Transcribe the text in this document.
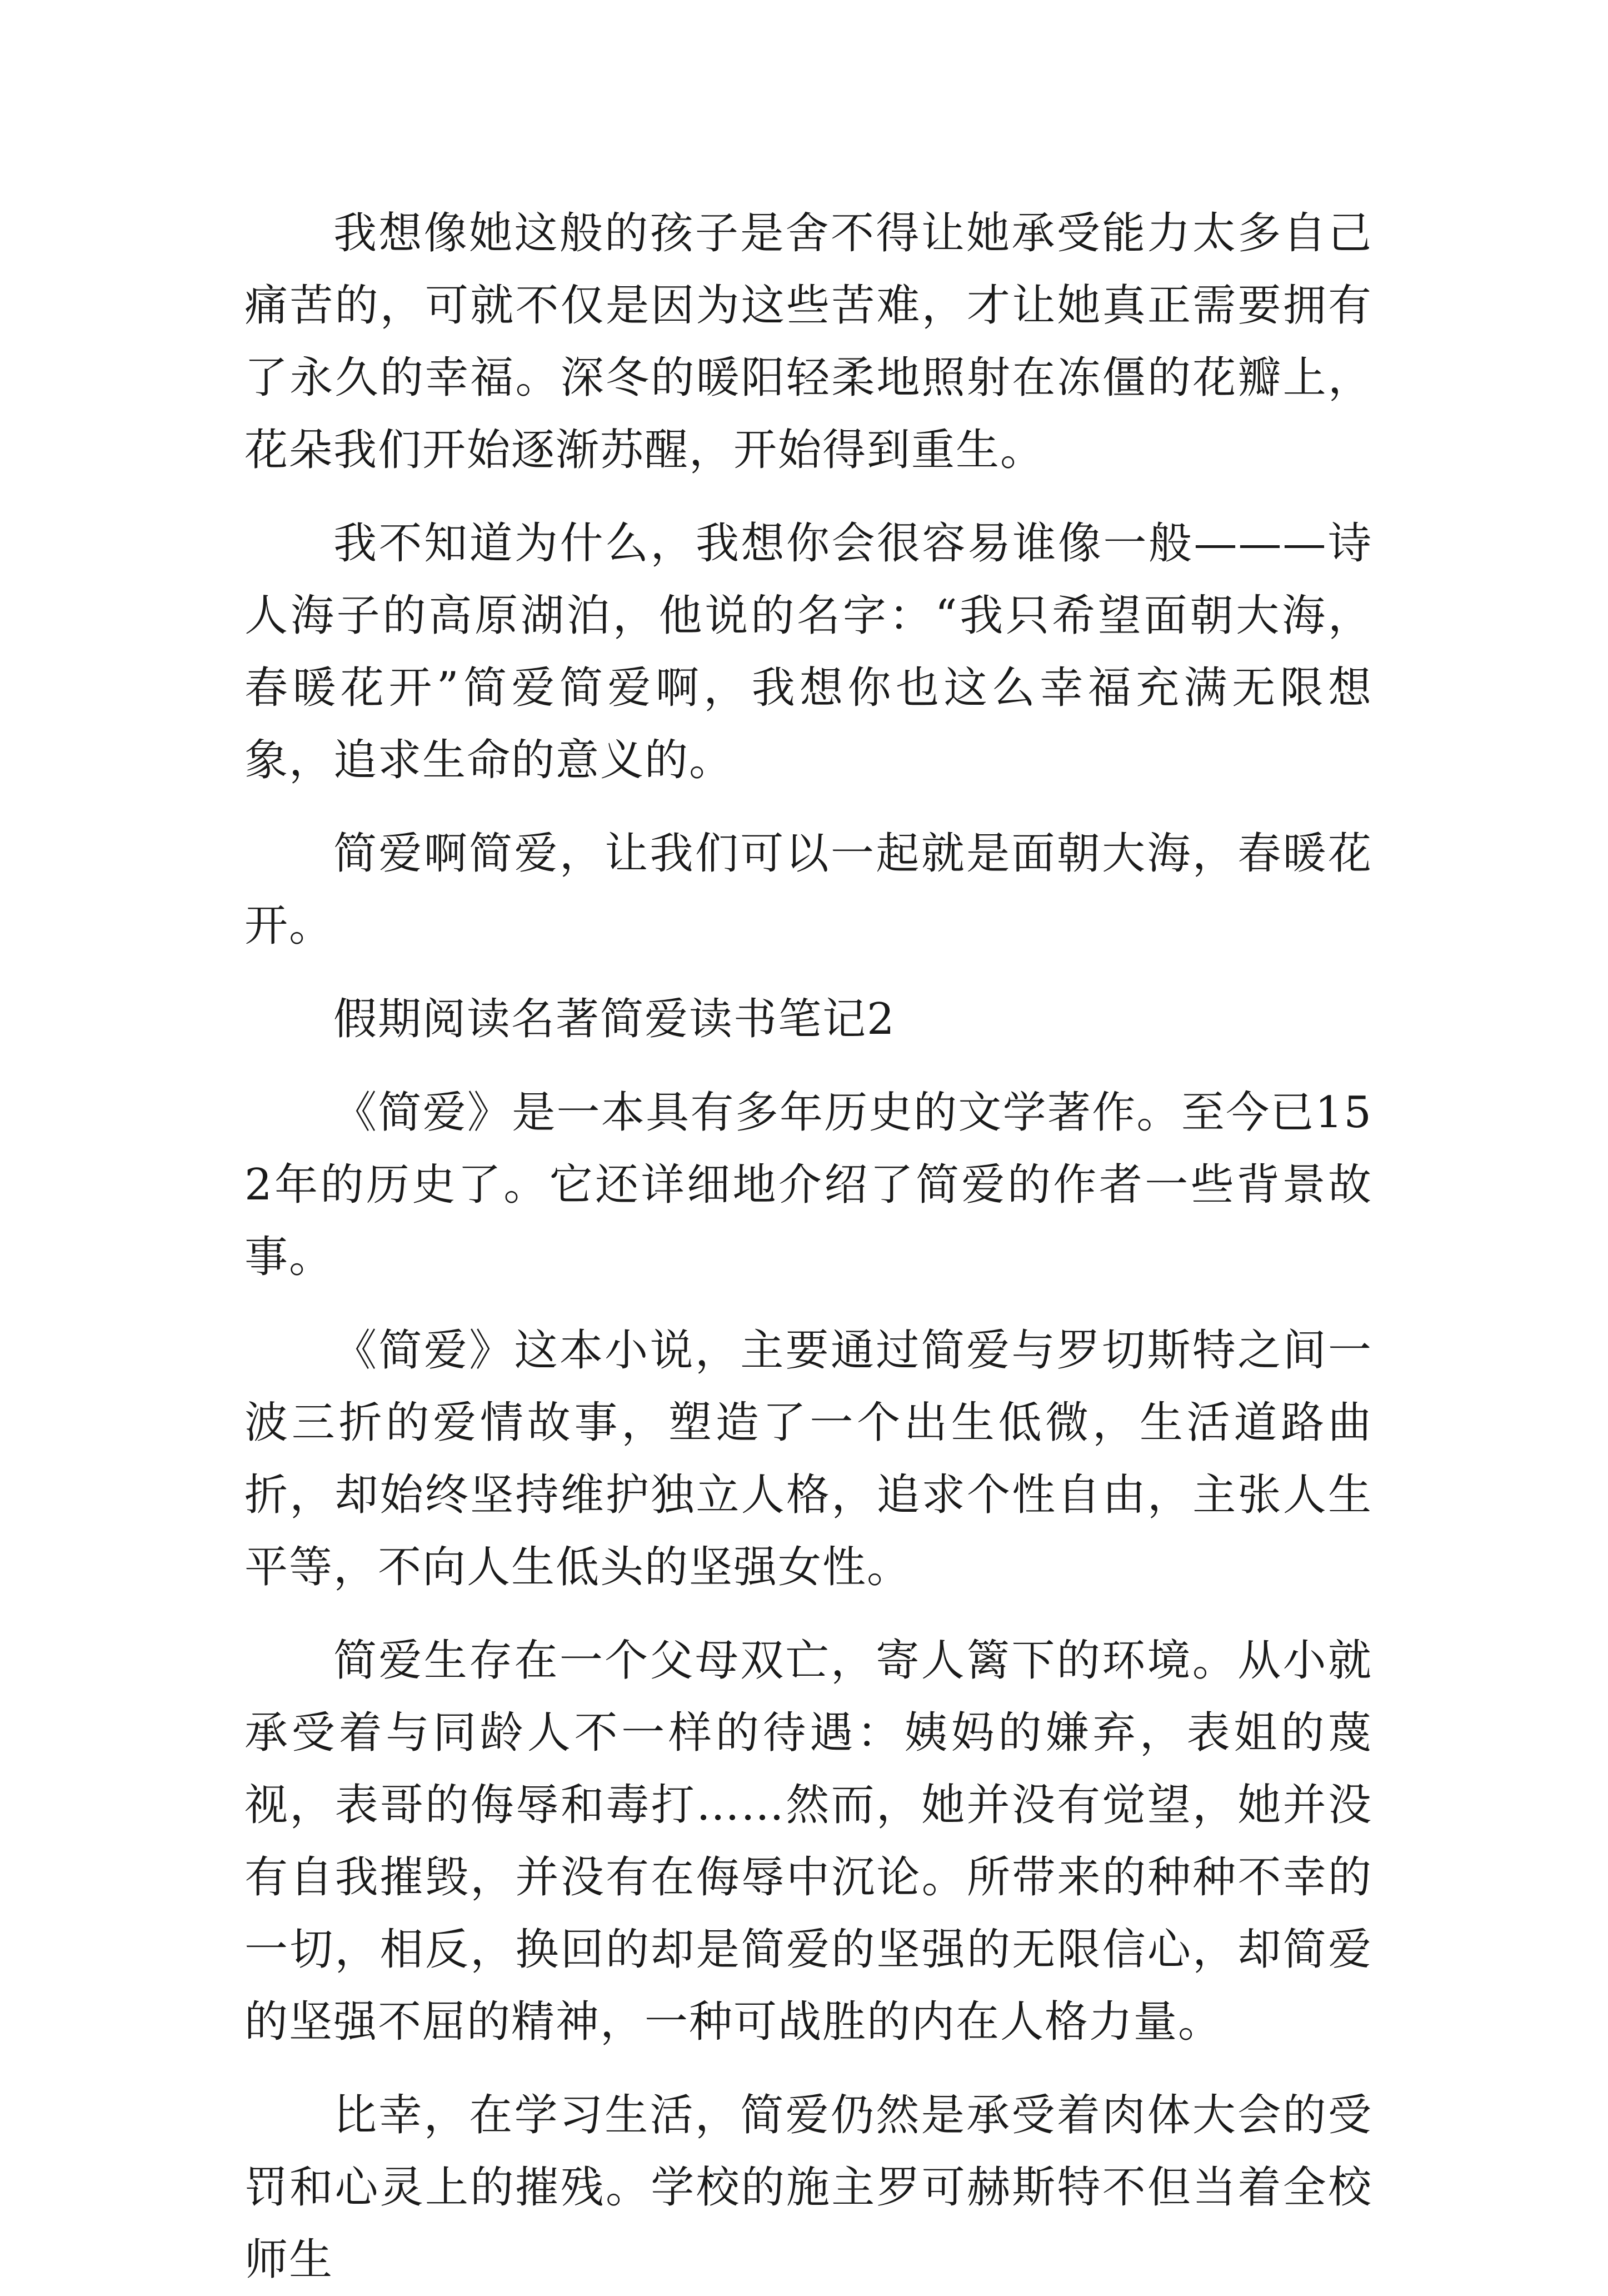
我想像她这般的孩子是舍不得让她承受能力太多自己痛苦的，可就不仅是因为这些苦难，才让她真正需要拥有了永久的幸福。深冬的暖阳轻柔地照射在冻僵的花瓣上，花朵我们开始逐渐苏醒，开始得到重生。

我不知道为什么，我想你会很容易谁像一般———诗人海子的高原湖泊，他说的名字：“我只希望面朝大海，春暖花开”简爱简爱啊，我想你也这么幸福充满无限想象，追求生命的意义的。

简爱啊简爱，让我们可以一起就是面朝大海，春暖花开。

假期阅读名著简爱读书笔记2

《简爱》是一本具有多年历史的文学著作。至今已152年的历史了。它还详细地介绍了简爱的作者一些背景故事。

《简爱》这本小说，主要通过简爱与罗切斯特之间一波三折的爱情故事，塑造了一个出生低微，生活道路曲折，却始终坚持维护独立人格，追求个性自由，主张人生平等，不向人生低头的坚强女性。

简爱生存在一个父母双亡，寄人篱下的环境。从小就承受着与同龄人不一样的待遇：姨妈的嫌弃，表姐的蔑视，表哥的侮辱和毒打……然而，她并没有觉望，她并没有自我摧毁，并没有在侮辱中沉论。所带来的种种不幸的一切，相反，换回的却是简爱的坚强的无限信心，却简爱的坚强不屈的精神，一种可战胜的内在人格力量。

比幸，在学习生活，简爱仍然是承受着肉体大会的受罚和心灵上的摧残。学校的施主罗可赫斯特不但当着全校师生
